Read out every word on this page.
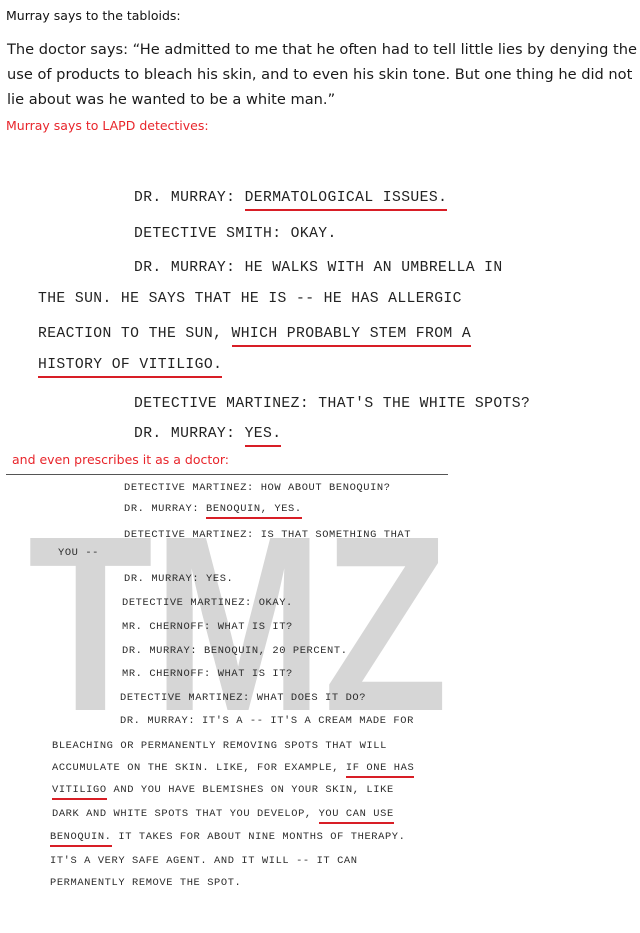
Murray says to the tabloids:
The doctor says: “He admitted to me that he often had to tell little lies by denying the
use of products to bleach his skin, and to even his skin tone. But one thing he did not
lie about was he wanted to be a white man.”
Murray says to LAPD detectives:
DR. MURRAY: DERMATOLOGICAL ISSUES.
DETECTIVE SMITH: OKAY.
DR. MURRAY: HE WALKS WITH AN UMBRELLA IN
THE SUN. HE SAYS THAT HE IS -- HE HAS ALLERGIC
REACTION TO THE SUN, WHICH PROBABLY STEM FROM A
HISTORY OF VITILIGO.
DETECTIVE MARTINEZ: THAT'S THE WHITE SPOTS?
DR. MURRAY: YES.
and even prescribes it as a doctor:
TMZ
DETECTIVE MARTINEZ: HOW ABOUT BENOQUIN?
DR. MURRAY: BENOQUIN, YES.
DETECTIVE MARTINEZ: IS THAT SOMETHING THAT
YOU --
DR. MURRAY: YES.
DETECTIVE MARTINEZ: OKAY.
MR. CHERNOFF: WHAT IS IT?
DR. MURRAY: BENOQUIN, 20 PERCENT.
MR. CHERNOFF: WHAT IS IT?
DETECTIVE MARTINEZ: WHAT DOES IT DO?
DR. MURRAY: IT'S A -- IT'S A CREAM MADE FOR
BLEACHING OR PERMANENTLY REMOVING SPOTS THAT WILL
ACCUMULATE ON THE SKIN. LIKE, FOR EXAMPLE, IF ONE HAS
VITILIGO AND YOU HAVE BLEMISHES ON YOUR SKIN, LIKE
DARK AND WHITE SPOTS THAT YOU DEVELOP, YOU CAN USE
BENOQUIN. IT TAKES FOR ABOUT NINE MONTHS OF THERAPY.
IT'S A VERY SAFE AGENT. AND IT WILL -- IT CAN
PERMANENTLY REMOVE THE SPOT.
